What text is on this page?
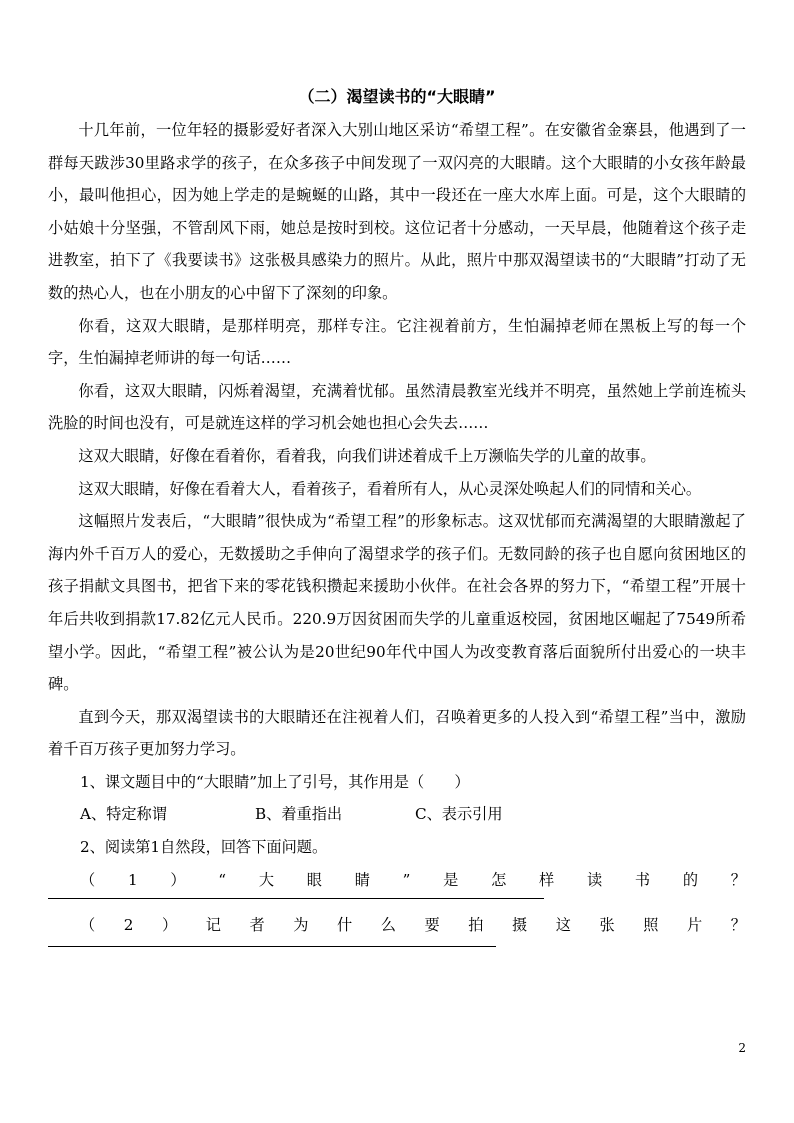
（二）渴望读书的“大眼睛”

十几年前，一位年轻的摄影爱好者深入大别山地区采访“希望工程”。在安徽省金寨县，他遇到了一群每天跋涉30里路求学的孩子，在众多孩子中间发现了一双闪亮的大眼睛。这个大眼睛的小女孩年龄最小，最叫他担心，因为她上学走的是蜿蜒的山路，其中一段还在一座大水库上面。可是，这个大眼睛的小姑娘十分坚强，不管刮风下雨，她总是按时到校。这位记者十分感动，一天早晨，他随着这个孩子走进教室，拍下了《我要读书》这张极具感染力的照片。从此，照片中那双渴望读书的“大眼睛”打动了无数的热心人，也在小朋友的心中留下了深刻的印象。

你看，这双大眼睛，是那样明亮，那样专注。它注视着前方，生怕漏掉老师在黑板上写的每一个字，生怕漏掉老师讲的每一句话……

你看，这双大眼睛，闪烁着渴望，充满着忧郁。虽然清晨教室光线并不明亮，虽然她上学前连梳头洗脸的时间也没有，可是就连这样的学习机会她也担心会失去……

这双大眼睛，好像在看着你，看着我，向我们讲述着成千上万濒临失学的儿童的故事。

这双大眼睛，好像在看着大人，看着孩子，看着所有人，从心灵深处唤起人们的同情和关心。

这幅照片发表后，“大眼睛”很快成为“希望工程”的形象标志。这双忧郁而充满渴望的大眼睛激起了海内外千百万人的爱心，无数援助之手伸向了渴望求学的孩子们。无数同龄的孩子也自愿向贫困地区的孩子捐献文具图书，把省下来的零花钱积攒起来援助小伙伴。在社会各界的努力下，“希望工程”开展十年后共收到捐款17.82亿元人民币。220.9万因贫困而失学的儿童重返校园，贫困地区崛起了7549所希望小学。因此，“希望工程”被公认为是20世纪90年代中国人为改变教育落后面貌所付出爱心的一块丰碑。

直到今天，那双渴望读书的大眼睛还在注视着人们，召唤着更多的人投入到“希望工程”当中，激励着千百万孩子更加努力学习。

1、课文题目中的“大眼睛”加上了引号，其作用是（　　）
A、特定称谓	B、着重指出	C、表示引用
2、阅读第1自然段，回答下面问题。
（ 1 ） “ 大 眼 睛 ” 是 怎 样 读 书 的 ？
（ 2 ） 记 者 为 什 么 要 拍 摄 这 张 照 片 ？
2
